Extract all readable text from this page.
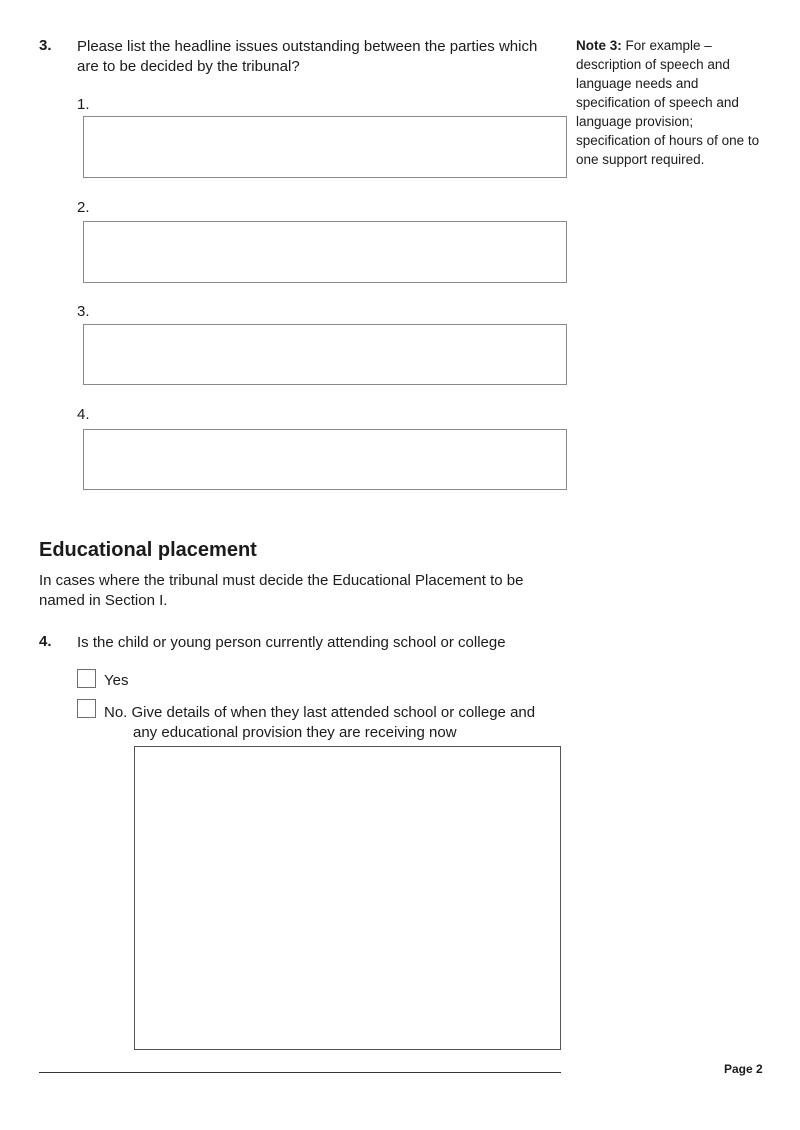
3. Please list the headline issues outstanding between the parties which are to be decided by the tribunal?
1.
2.
3.
4.
Note 3: For example – description of speech and language needs and specification of speech and language provision; specification of hours of one to one support required.
Educational placement
In cases where the tribunal must decide the Educational Placement to be named in Section I.
4. Is the child or young person currently attending school or college
Yes
No. Give details of when they last attended school or college and
any educational provision they are receiving now
Page 2
